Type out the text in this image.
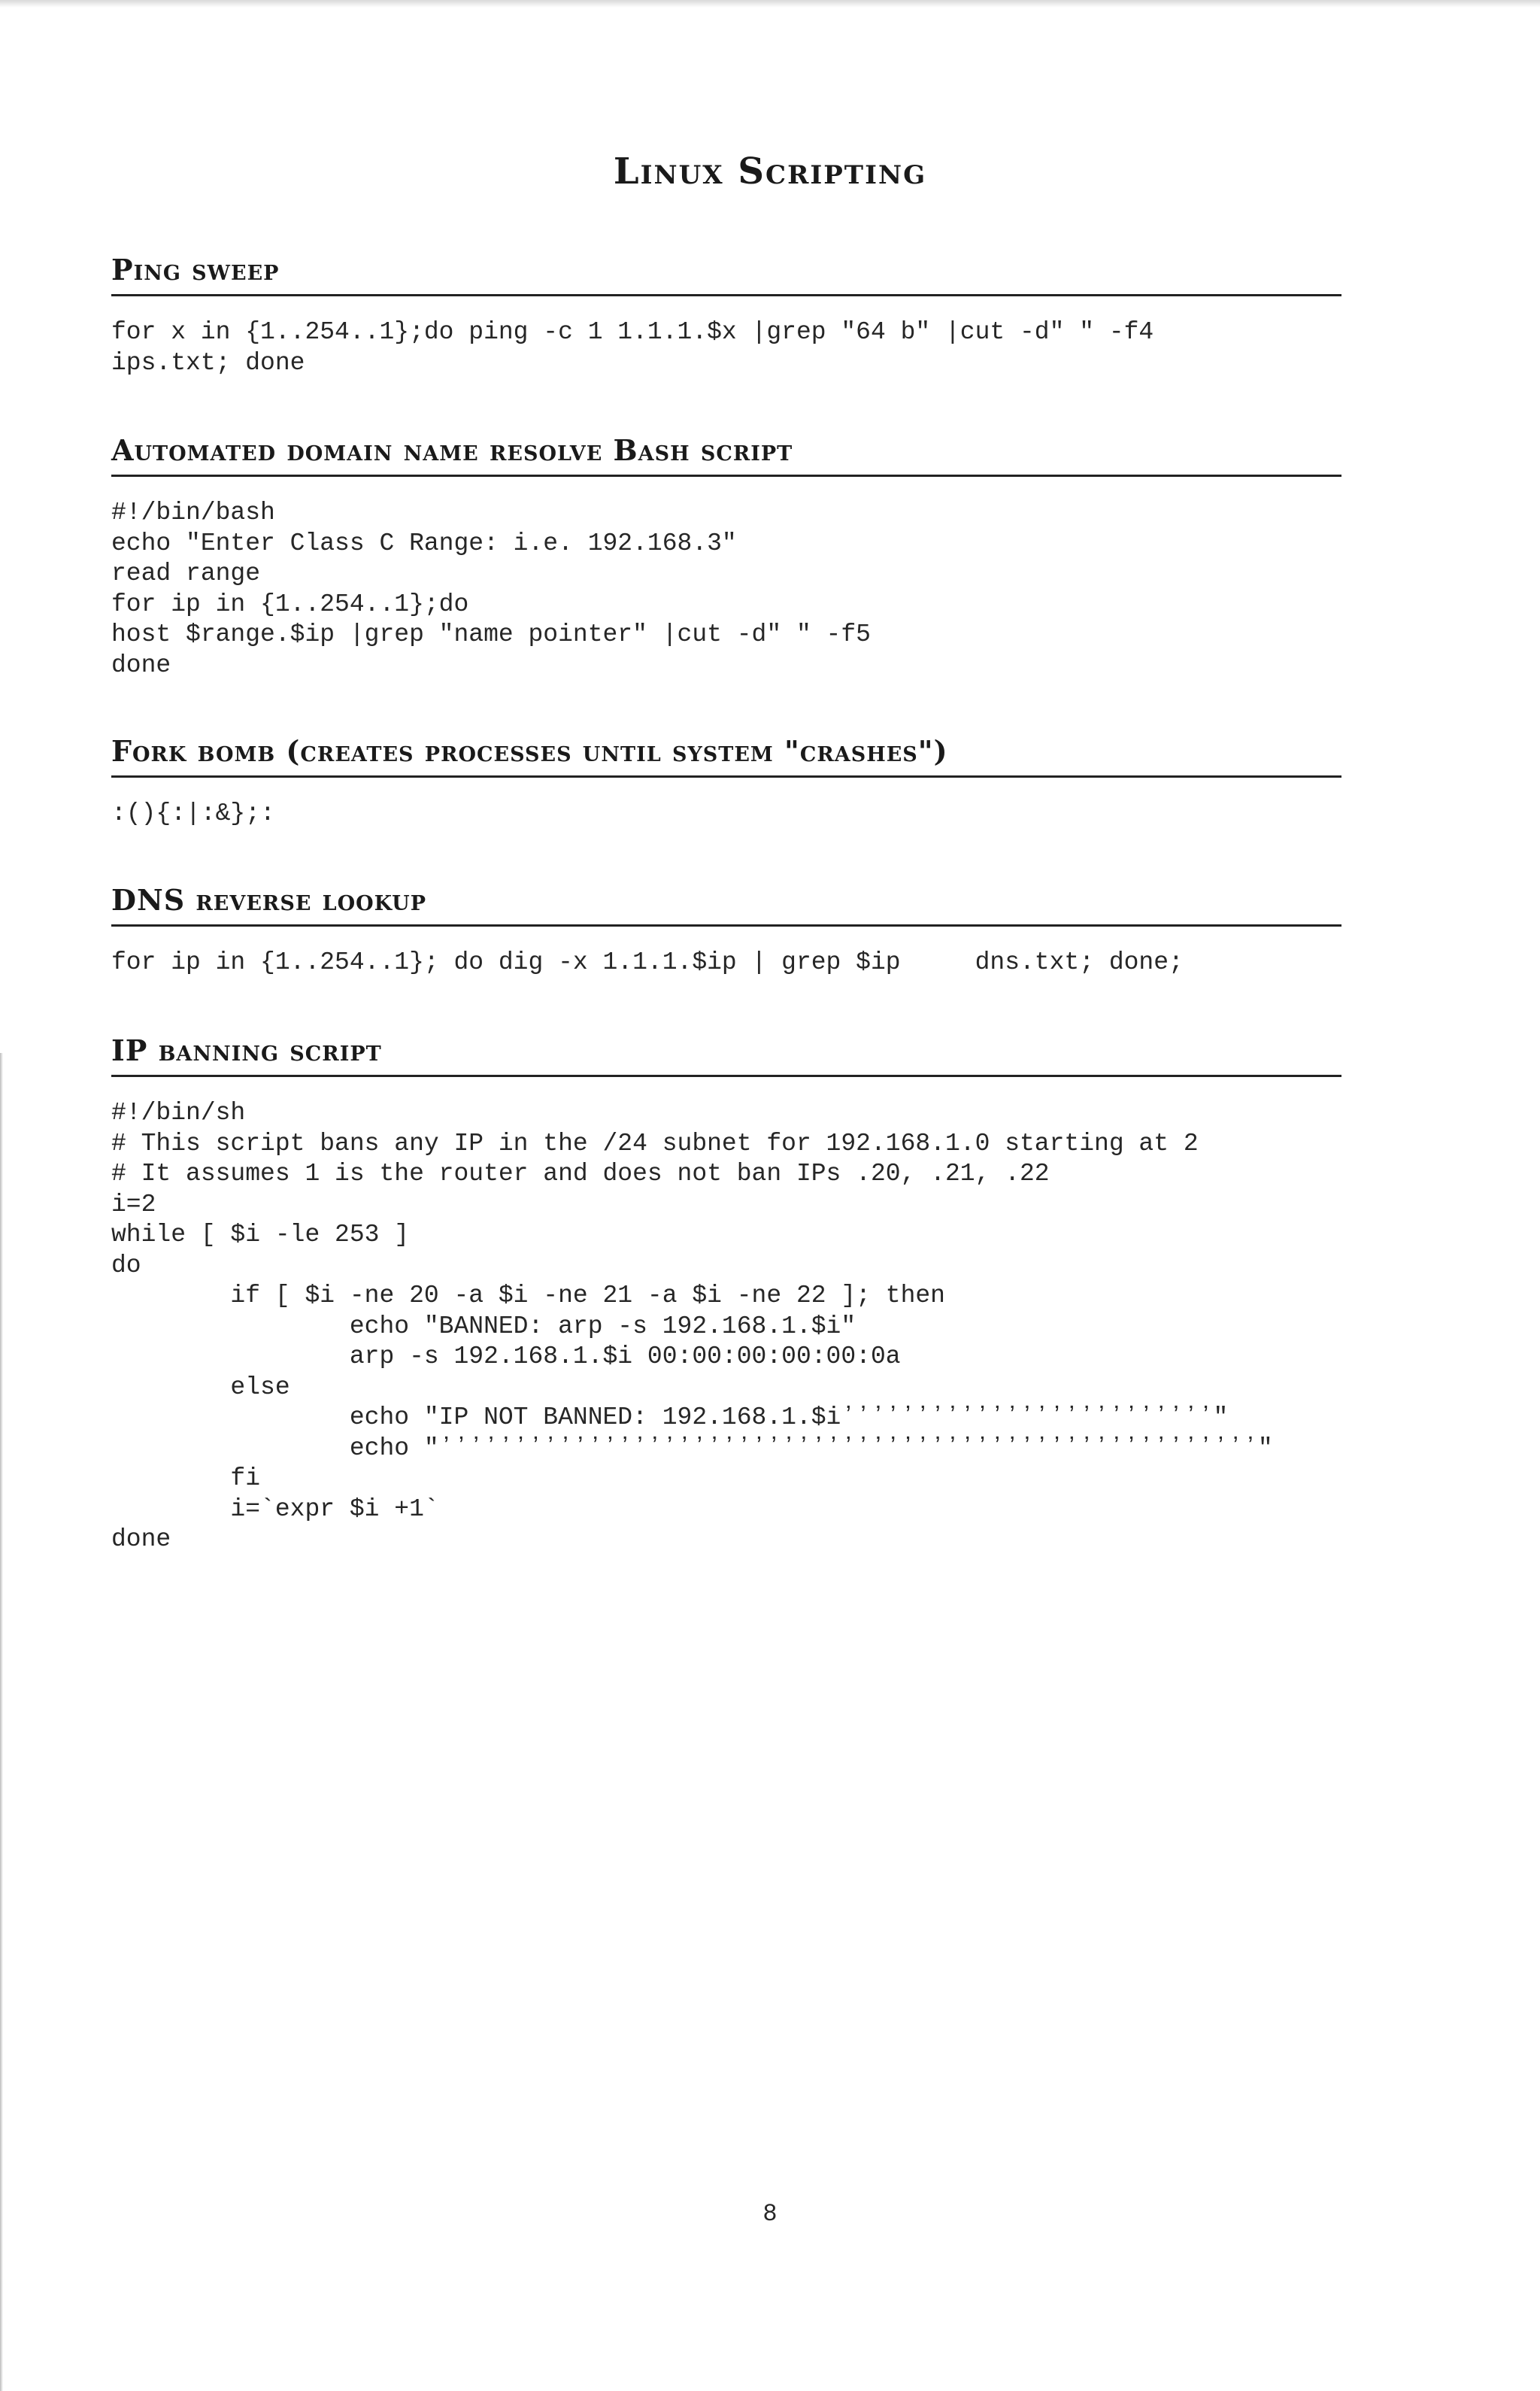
Linux Scripting
Ping sweep
for x in {1..254..1};do ping -c 1 1.1.1.$x |grep "64 b" |cut -d" " -f4
ips.txt; done
Automated domain name resolve Bash script
#!/bin/bash
echo "Enter Class C Range: i.e. 192.168.3"
read range
for ip in {1..254..1};do
host $range.$ip |grep "name pointer" |cut -d" " -f5
done
Fork bomb (creates processes until system "crashes")
:(){:|:&};:
DNS reverse lookup
for ip in {1..254..1}; do dig -x 1.1.1.$ip | grep $ip     dns.txt; done;
IP banning script
#!/bin/sh
# This script bans any IP in the /24 subnet for 192.168.1.0 starting at 2
# It assumes 1 is the router and does not ban IPs .20, .21, .22
i=2
while [ $i -le 253 ]
do
if [ $i -ne 20 -a $i -ne 21 -a $i -ne 22 ]; then
echo "BANNED: arp -s 192.168.1.$i"
arp -s 192.168.1.$i 00:00:00:00:00:0a
else
echo "IP NOT BANNED: 192.168.1.$iʼʼʼʼʼʼʼʼʼʼʼʼʼʼʼʼʼʼʼʼʼʼʼʼʼ"
echo "ʼʼʼʼʼʼʼʼʼʼʼʼʼʼʼʼʼʼʼʼʼʼʼʼʼʼʼʼʼʼʼʼʼʼʼʼʼʼʼʼʼʼʼʼʼʼʼʼʼʼʼʼʼʼʼ"
fi
i=`expr $i +1`
done
8
